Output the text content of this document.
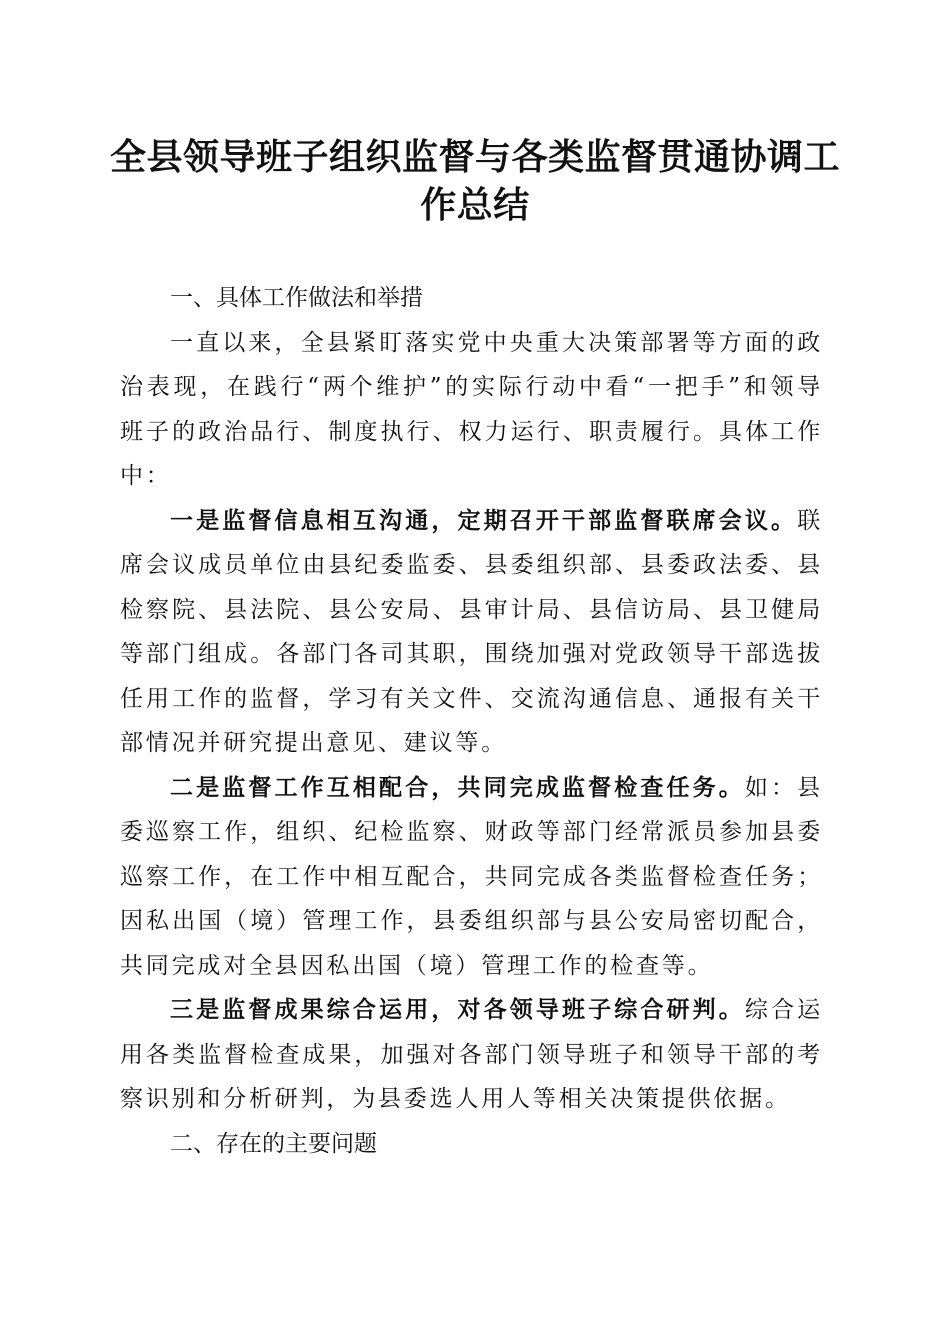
全县领导班子组织监督与各类监督贯通协调工作总结

一、具体工作做法和举措

一直以来，全县紧盯落实党中央重大决策部署等方面的政治表现，在践行“两个维护”的实际行动中看“一把手”和领导班子的政治品行、制度执行、权力运行、职责履行。具体工作中：

一是监督信息相互沟通，定期召开干部监督联席会议。联席会议成员单位由县纪委监委、县委组织部、县委政法委、县检察院、县法院、县公安局、县审计局、县信访局、县卫健局等部门组成。各部门各司其职，围绕加强对党政领导干部选拔任用工作的监督，学习有关文件、交流沟通信息、通报有关干部情况并研究提出意见、建议等。

二是监督工作互相配合，共同完成监督检查任务。如：县委巡察工作，组织、纪检监察、财政等部门经常派员参加县委巡察工作，在工作中相互配合，共同完成各类监督检查任务；因私出国（境）管理工作，县委组织部与县公安局密切配合，共同完成对全县因私出国（境）管理工作的检查等。

三是监督成果综合运用，对各领导班子综合研判。综合运用各类监督检查成果，加强对各部门领导班子和领导干部的考察识别和分析研判，为县委选人用人等相关决策提供依据。

二、存在的主要问题
